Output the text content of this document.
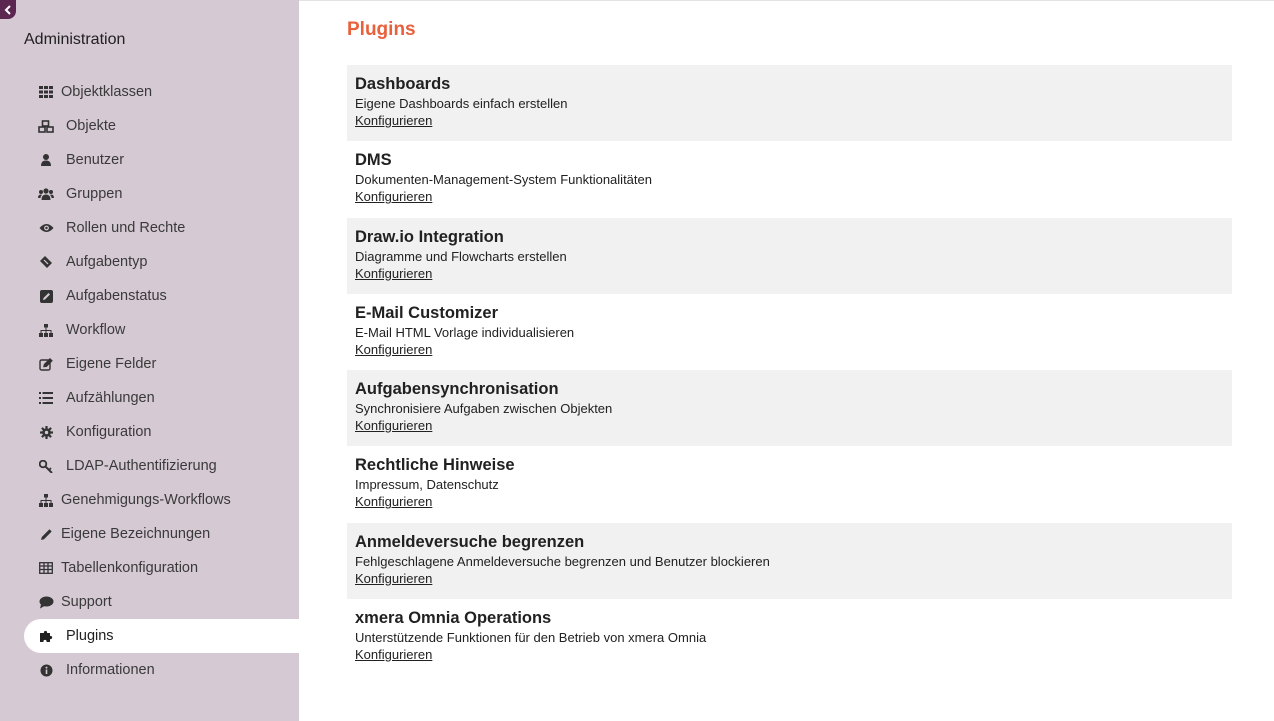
Administration
Objektklassen
Objekte
Benutzer
Gruppen
Rollen und Rechte
Aufgabentyp
Aufgabenstatus
Workflow
Eigene Felder
Aufzählungen
Konfiguration
LDAP-Authentifizierung
Genehmigungs-Workflows
Eigene Bezeichnungen
Tabellenkonfiguration
Support
Plugins
Informationen
Plugins
Dashboards
Eigene Dashboards einfach erstellen
Konfigurieren
DMS
Dokumenten-Management-System Funktionalitäten
Konfigurieren
Draw.io Integration
Diagramme und Flowcharts erstellen
Konfigurieren
E-Mail Customizer
E-Mail HTML Vorlage individualisieren
Konfigurieren
Aufgabensynchronisation
Synchronisiere Aufgaben zwischen Objekten
Konfigurieren
Rechtliche Hinweise
Impressum, Datenschutz
Konfigurieren
Anmeldeversuche begrenzen
Fehlgeschlagene Anmeldeversuche begrenzen und Benutzer blockieren
Konfigurieren
xmera Omnia Operations
Unterstützende Funktionen für den Betrieb von xmera Omnia
Konfigurieren
